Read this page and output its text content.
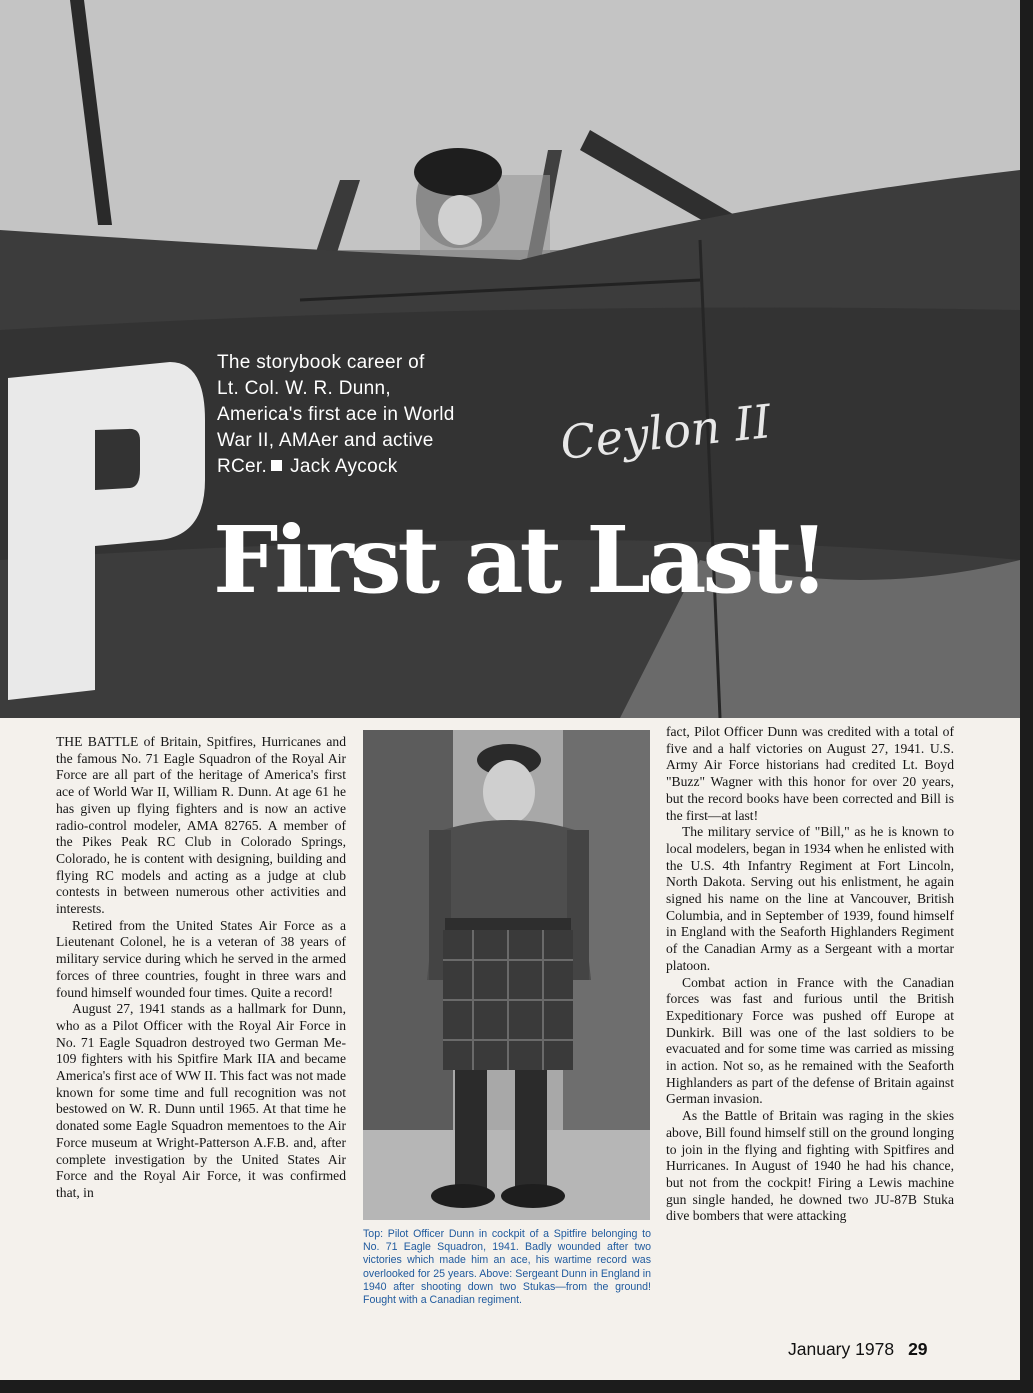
Ceylon II
The storybook career of
Lt. Col. W. R. Dunn,
America's first ace in World
War II, AMAer and active
RCer. Jack Aycock
First at Last!

THE BATTLE of Britain, Spitfires, Hurricanes and the famous No. 71 Eagle Squadron of the Royal Air Force are all part of the heritage of America's first ace of World War II, William R. Dunn. At age 61 he has given up flying fighters and is now an active radio-control modeler, AMA 82765. A member of the Pikes Peak RC Club in Colorado Springs, Colorado, he is content with designing, building and flying RC models and acting as a judge at club contests in between numerous other activities and interests.

Retired from the United States Air Force as a Lieutenant Colonel, he is a veteran of 38 years of military service during which he served in the armed forces of three countries, fought in three wars and found himself wounded four times. Quite a record!

August 27, 1941 stands as a hallmark for Dunn, who as a Pilot Officer with the Royal Air Force in No. 71 Eagle Squadron destroyed two German Me-109 fighters with his Spitfire Mark IIA and became America's first ace of WW II. This fact was not made known for some time and full recognition was not bestowed on W. R. Dunn until 1965. At that time he donated some Eagle Squadron mementoes to the Air Force museum at Wright-Patterson A.F.B. and, after complete investigation by the United States Air Force and the Royal Air Force, it was confirmed that, in

Top: Pilot Officer Dunn in cockpit of a Spitfire belonging to No. 71 Eagle Squadron, 1941. Badly wounded after two victories which made him an ace, his wartime record was overlooked for 25 years. Above: Sergeant Dunn in England in 1940 after shooting down two Stukas—from the ground! Fought with a Canadian regiment.

fact, Pilot Officer Dunn was credited with a total of five and a half victories on August 27, 1941. U.S. Army Air Force historians had credited Lt. Boyd "Buzz" Wagner with this honor for over 20 years, but the record books have been corrected and Bill is the first—at last!

The military service of "Bill," as he is known to local modelers, began in 1934 when he enlisted with the U.S. 4th Infantry Regiment at Fort Lincoln, North Dakota. Serving out his enlistment, he again signed his name on the line at Vancouver, British Columbia, and in September of 1939, found himself in England with the Seaforth Highlanders Regiment of the Canadian Army as a Sergeant with a mortar platoon.

Combat action in France with the Canadian forces was fast and furious until the British Expeditionary Force was pushed off Europe at Dunkirk. Bill was one of the last soldiers to be evacuated and for some time was carried as missing in action. Not so, as he remained with the Seaforth Highlanders as part of the defense of Britain against German invasion.

As the Battle of Britain was raging in the skies above, Bill found himself still on the ground longing to join in the flying and fighting with Spitfires and Hurricanes. In August of 1940 he had his chance, but not from the cockpit! Firing a Lewis machine gun single handed, he downed two JU-87B Stuka dive bombers that were attacking

January 1978 29
